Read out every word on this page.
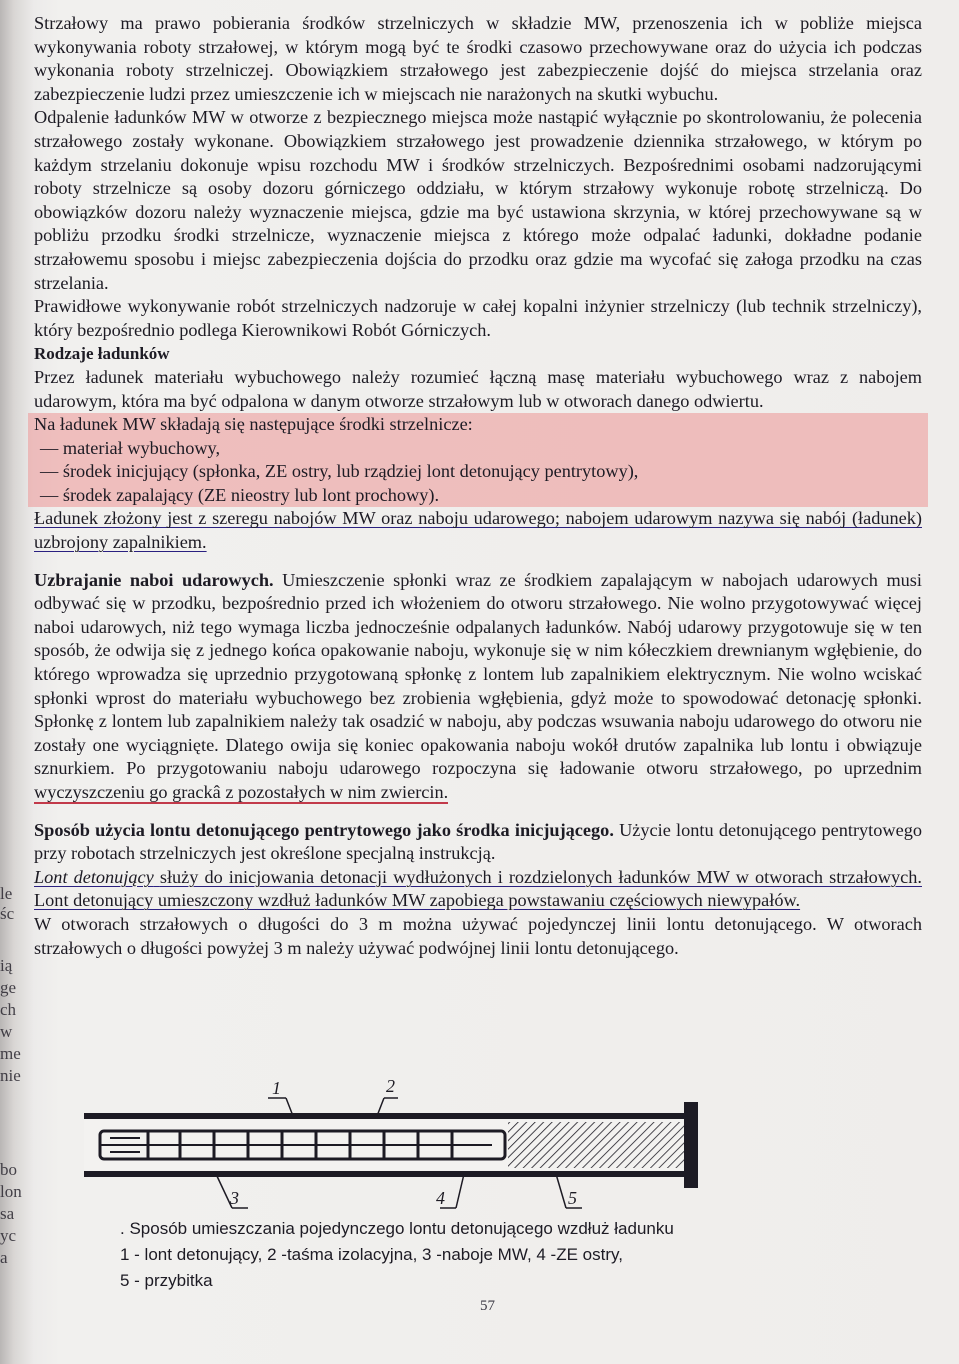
le
śc
ią
ge
ch
w
me
nie
bo
lon
sa
yc
a

Strzałowy ma prawo pobierania środków strzelniczych w składzie MW, przenoszenia ich w pobliże miejsca wykonywania roboty strzałowej, w którym mogą być te środki czasowo przechowywane oraz do użycia ich podczas wykonania roboty strzelniczej. Obowiązkiem strzałowego jest zabezpieczenie dojść do miejsca strzelania oraz zabezpieczenie ludzi przez umieszczenie ich w miejscach nie narażonych na skutki wybuchu.

Odpalenie ładunków MW w otworze z bezpiecznego miejsca może nastąpić wyłącznie po skontrolowaniu, że polecenia strzałowego zostały wykonane. Obowiązkiem strzałowego jest prowadzenie dziennika strzałowego, w którym po każdym strzelaniu dokonuje wpisu rozchodu MW i środków strzelniczych. Bezpośrednimi osobami nadzorującymi roboty strzelnicze są osoby dozoru górniczego oddziału, w którym strzałowy wykonuje robotę strzelniczą. Do obowiązków dozoru należy wyznaczenie miejsca, gdzie ma być ustawiona skrzynia, w której przechowywane są w pobliżu przodku środki strzelnicze, wyznaczenie miejsca z którego może odpalać ładunki, dokładne podanie strzałowemu sposobu i miejsc zabezpieczenia dojścia do przodku oraz gdzie ma wycofać się załoga przodku na czas strzelania.

Prawidłowe wykonywanie robót strzelniczych nadzoruje w całej kopalni inżynier strzelniczy (lub technik strzelniczy), który bezpośrednio podlega Kierownikowi Robót Górniczych.

Rodzaje ładunków

Przez ładunek materiału wybuchowego należy rozumieć łączną masę materiału wybuchowego wraz z nabojem udarowym, która ma być odpalona w danym otworze strzałowym lub w otworach danego odwiertu.

Na ładunek MW składają się następujące środki strzelnicze:

— materiał wybuchowy,

— środek inicjujący (spłonka, ZE ostry, lub rządziej lont detonujący pentrytowy),

— środek zapalający (ZE nieostry lub lont prochowy).

Ładunek złożony jest z szeregu nabojów MW oraz naboju udarowego; nabojem udarowym nazywa się nabój (ładunek) uzbrojony zapalnikiem.

Uzbrajanie naboi udarowych. Umieszczenie spłonki wraz ze środkiem zapalającym w nabojach udarowych musi odbywać się w przodku, bezpośrednio przed ich włożeniem do otworu strzałowego. Nie wolno przygotowywać więcej naboi udarowych, niż tego wymaga liczba jednocześnie odpalanych ładunków. Nabój udarowy przygotowuje się w ten sposób, że odwija się z jednego końca opakowanie naboju, wykonuje się w nim kółeczkiem drewnianym wgłębienie, do którego wprowadza się uprzednio przygotowaną spłonkę z lontem lub zapalnikiem elektrycznym. Nie wolno wciskać spłonki wprost do materiału wybuchowego bez zrobienia wgłębienia, gdyż może to spowodować detonację spłonki. Spłonkę z lontem lub zapalnikiem należy tak osadzić w naboju, aby podczas wsuwania naboju udarowego do otworu nie zostały one wyciągnięte. Dlatego owija się koniec opakowania naboju wokół drutów zapalnika lub lontu i obwiązuje sznurkiem. Po przygotowaniu naboju udarowego rozpoczyna się ładowanie otworu strzałowego, po uprzednim wyczyszczeniu go grackâ z pozostałych w nim zwiercin.

Sposób użycia lontu detonującego pentrytowego jako środka inicjującego. Użycie lontu detonującego pentrytowego przy robotach strzelniczych jest określone specjalną instrukcją.

Lont detonujący służy do inicjowania detonacji wydłużonych i rozdzielonych ładunków MW w otworach strzałowych. Lont detonujący umieszczony wzdłuż ładunków MW zapobiega powstawaniu częściowych niewypałów.

W otworach strzałowych o długości do 3 m można używać pojedynczej linii lontu detonującego. W otworach strzałowych o długości powyżej 3 m należy używać podwójnej linii lontu detonującego.

1	2
3	4	5
. Sposób umieszczania pojedynczego lontu detonującego wzdłuż ładunku
1 - lont detonujący, 2 -taśma izolacyjna, 3 -naboje MW, 4 -ZE ostry,
5 - przybitka
57
